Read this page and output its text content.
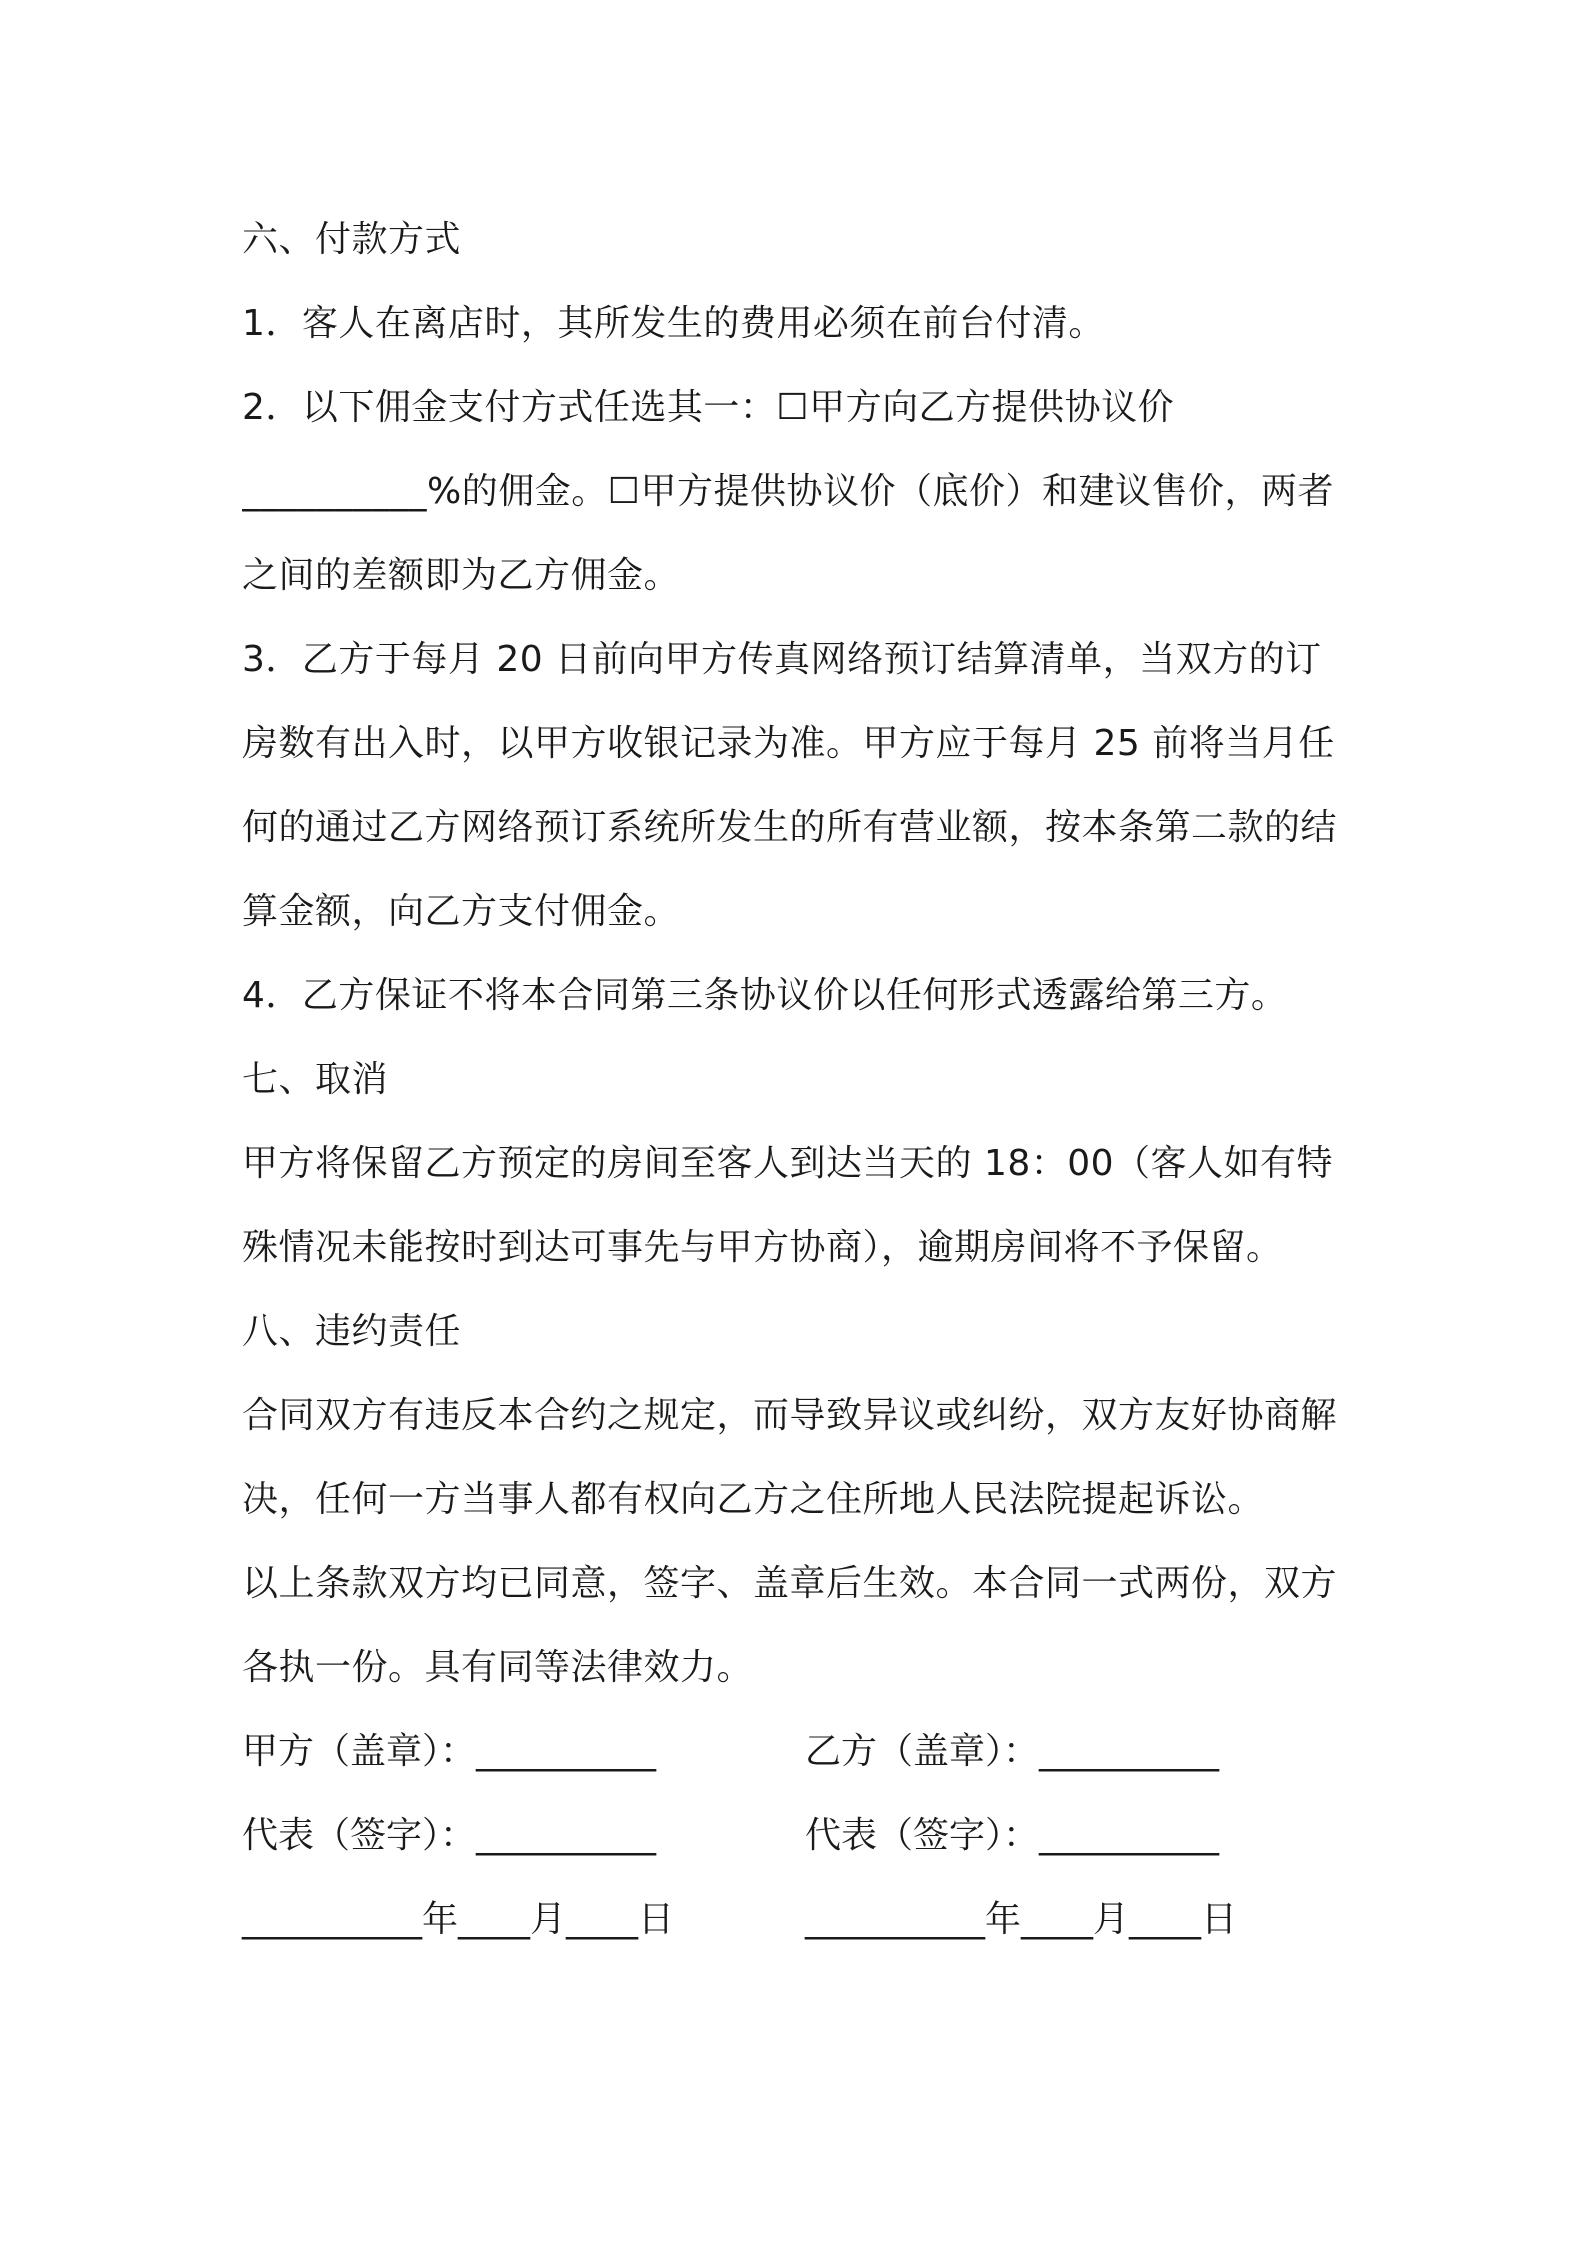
六、付款方式
1．客人在离店时，其所发生的费用必须在前台付清。
2．以下佣金支付方式任选其一：☐甲方向乙方提供协议价
__________%的佣金。☐甲方提供协议价（底价）和建议售价，两者
之间的差额即为乙方佣金。
3．乙方于每月 20 日前向甲方传真网络预订结算清单，当双方的订
房数有出入时，以甲方收银记录为准。甲方应于每月 25 前将当月任
何的通过乙方网络预订系统所发生的所有营业额，按本条第二款的结
算金额，向乙方支付佣金。
4．乙方保证不将本合同第三条协议价以任何形式透露给第三方。
七、取消
甲方将保留乙方预定的房间至客人到达当天的 18：00（客人如有特
殊情况未能按时到达可事先与甲方协商），逾期房间将不予保留。
八、违约责任
合同双方有违反本合约之规定，而导致异议或纠纷，双方友好协商解
决，任何一方当事人都有权向乙方之住所地人民法院提起诉讼。
以上条款双方均已同意，签字、盖章后生效。本合同一式两份，双方
各执一份。具有同等法律效力。
甲方（盖章）：__________	乙方（盖章）：__________
代表（签字）：__________	代表（签字）：__________
__________年____月____日	__________年____月____日
